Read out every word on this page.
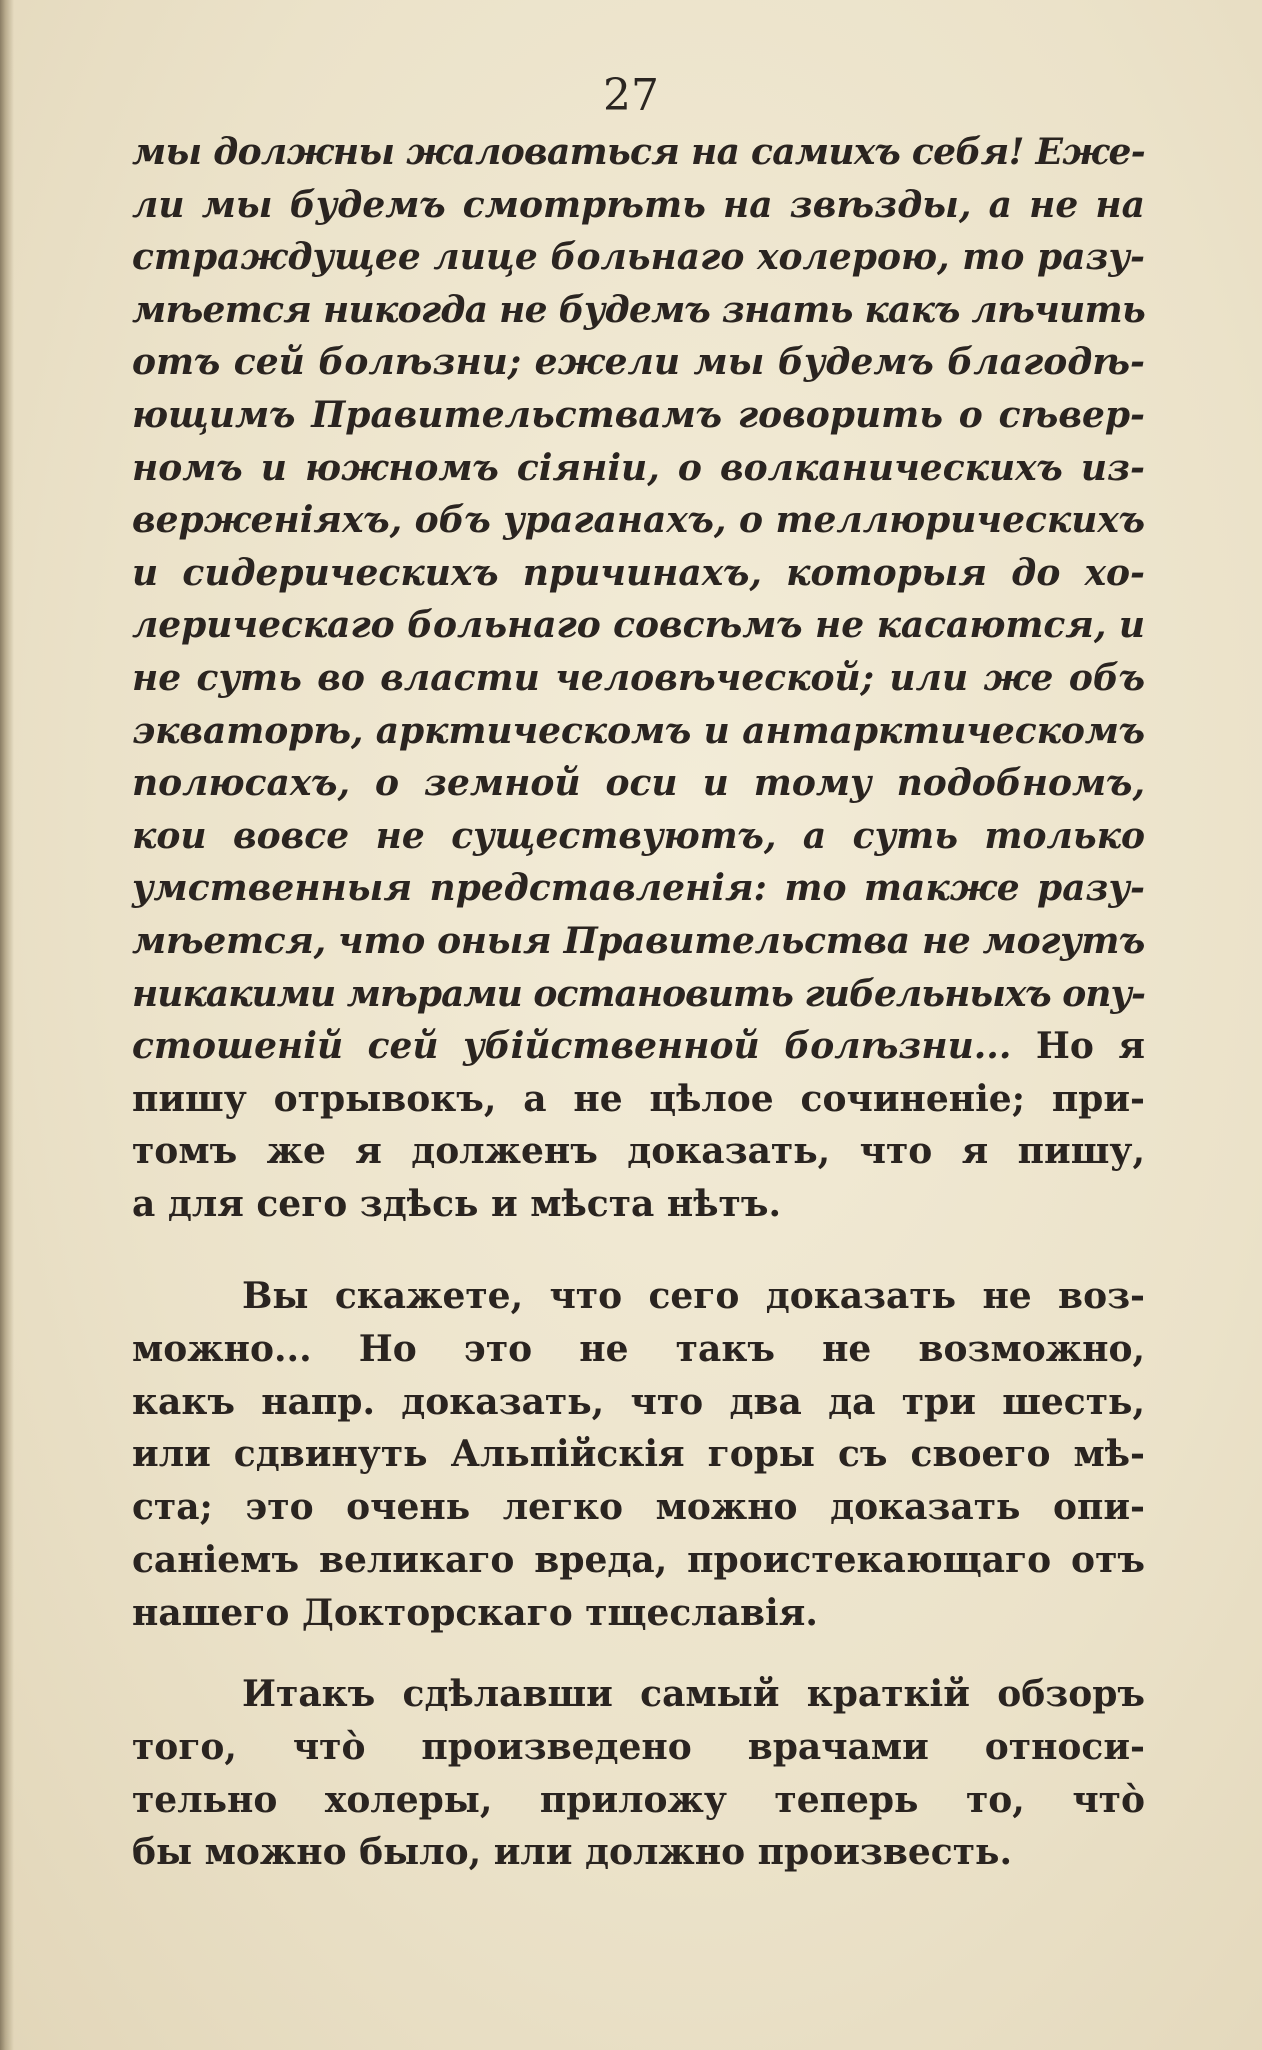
27
мы должны жаловаться на самихъ себя! Еже-
ли мы будемъ смотрѣть на звѣзды, а не на
страждущее лице больнаго холерою, то разу-
мѣется никогда не будемъ знать какъ лѣчить
отъ сей болѣзни; ежели мы будемъ благодѣ-
ющимъ Правительствамъ говорить о сѣвер-
номъ и южномъ сіяніи, о волканическихъ из-
верженіяхъ, объ ураганахъ, о теллюрическихъ
и сидерическихъ причинахъ, которыя до хо-
лерическаго больнаго совсѣмъ не касаются, и
не суть во власти человѣческой; или же объ
экваторѣ, арктическомъ и антарктическомъ
полюсахъ, о земной оси и тому подобномъ,
кои вовсе не существуютъ, а суть только
умственныя представленія: то также разу-
мѣется, что оныя Правительства не могутъ
никакими мѣрами остановить гибельныхъ опу-
стошеній сей убійственной болѣзни... Но я
пишу отрывокъ, а не цѣлое сочиненіе; при-
томъ же я долженъ доказать, что я пишу,
а для сего здѣсь и мѣста нѣтъ.
Вы скажете, что сего доказать не воз-
можно... Но это не такъ не возможно,
какъ напр. доказать, что два да три шесть,
или сдвинуть Альпійскія горы съ своего мѣ-
ста; это очень легко можно доказать опи-
саніемъ великаго вреда, проистекающаго отъ
нашего Докторскаго тщеславія.
Итакъ сдѣлавши самый краткій обзоръ
того, что̀ произведено врачами относи-
тельно холеры, приложу теперь то, что̀
бы можно было, или должно произвесть.
